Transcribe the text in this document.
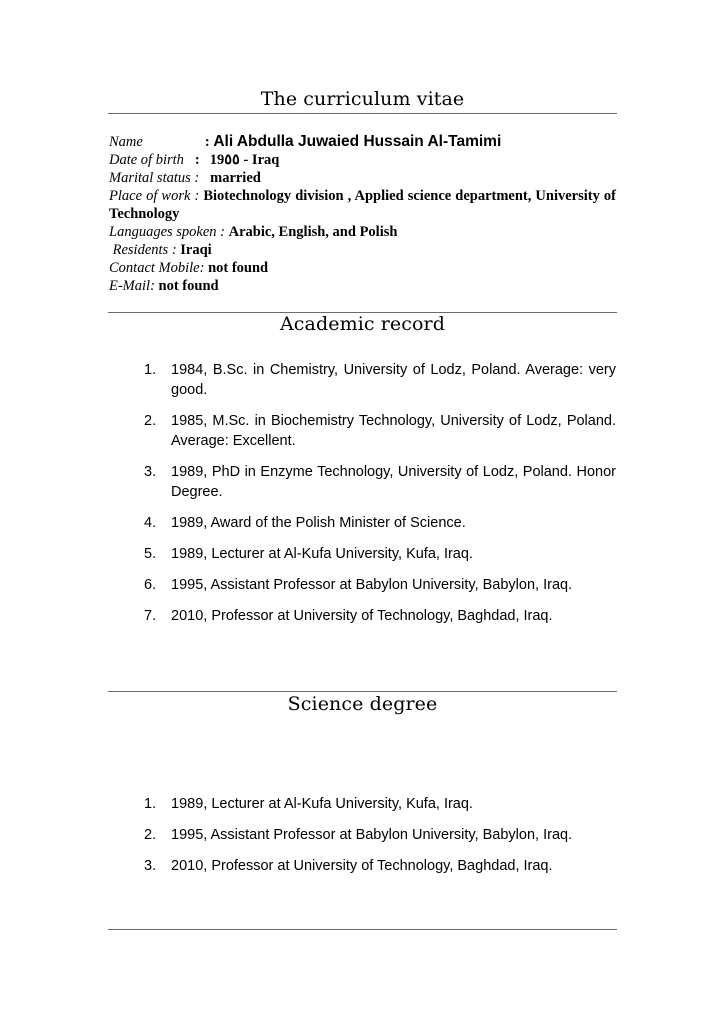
The curriculum vitae
Name	: Ali Abdulla Juwaied Hussain Al-Tamimi
Date of birth : 19٥٥ - Iraq
Marital status : married
Place of work : Biotechnology division , Applied science department, University of Technology
Languages spoken : Arabic, English, and Polish
Residents : Iraqi
Contact Mobile: not found
E-Mail: not found
Academic record
1. 1984, B.Sc. in Chemistry, University of Lodz, Poland. Average: very good.
2. 1985, M.Sc. in Biochemistry Technology, University of Lodz, Poland. Average: Excellent.
3. 1989, PhD in Enzyme Technology, University of Lodz, Poland. Honor Degree.
4. 1989, Award of the Polish Minister of Science.
5. 1989, Lecturer at Al-Kufa University, Kufa, Iraq.
6. 1995, Assistant Professor at Babylon University, Babylon, Iraq.
7. 2010, Professor at University of Technology, Baghdad, Iraq.
Science degree
1. 1989, Lecturer at Al-Kufa University, Kufa, Iraq.
2. 1995, Assistant Professor at Babylon University, Babylon, Iraq.
3. 2010, Professor at University of Technology, Baghdad, Iraq.
